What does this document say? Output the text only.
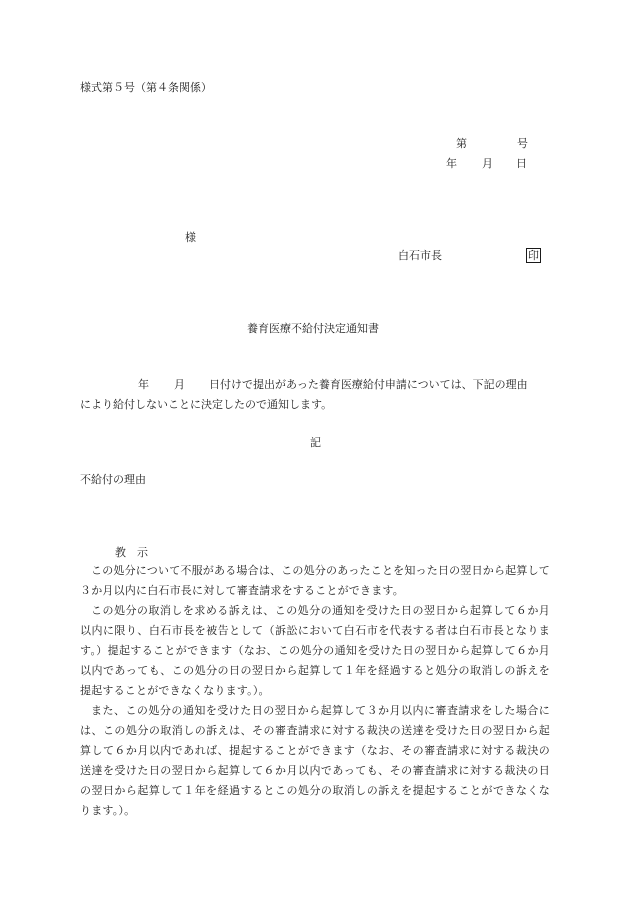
様式第５号（第４条関係）
第	号
年 月 日
様
白石市長	印
養育医療不給付決定通知書
年 月 日付けで提出があった養育医療給付申請については、下記の理由
により給付しないことに決定したので通知します。
記
不給付の理由
教　示

この処分について不服がある場合は、この処分のあったことを知った日の翌日から起算して３か月以内に白石市長に対して審査請求をすることができます。

この処分の取消しを求める訴えは、この処分の通知を受けた日の翌日から起算して６か月以内に限り、白石市長を被告として（訴訟において白石市を代表する者は白石市長となります。）提起することができます（なお、この処分の通知を受けた日の翌日から起算して６か月以内であっても、この処分の日の翌日から起算して１年を経過すると処分の取消しの訴えを提起することができなくなります。）。

また、この処分の通知を受けた日の翌日から起算して３か月以内に審査請求をした場合には、この処分の取消しの訴えは、その審査請求に対する裁決の送達を受けた日の翌日から起算して６か月以内であれば、提起することができます（なお、その審査請求に対する裁決の送達を受けた日の翌日から起算して６か月以内であっても、その審査請求に対する裁決の日の翌日から起算して１年を経過するとこの処分の取消しの訴えを提起することができなくなります。）。
